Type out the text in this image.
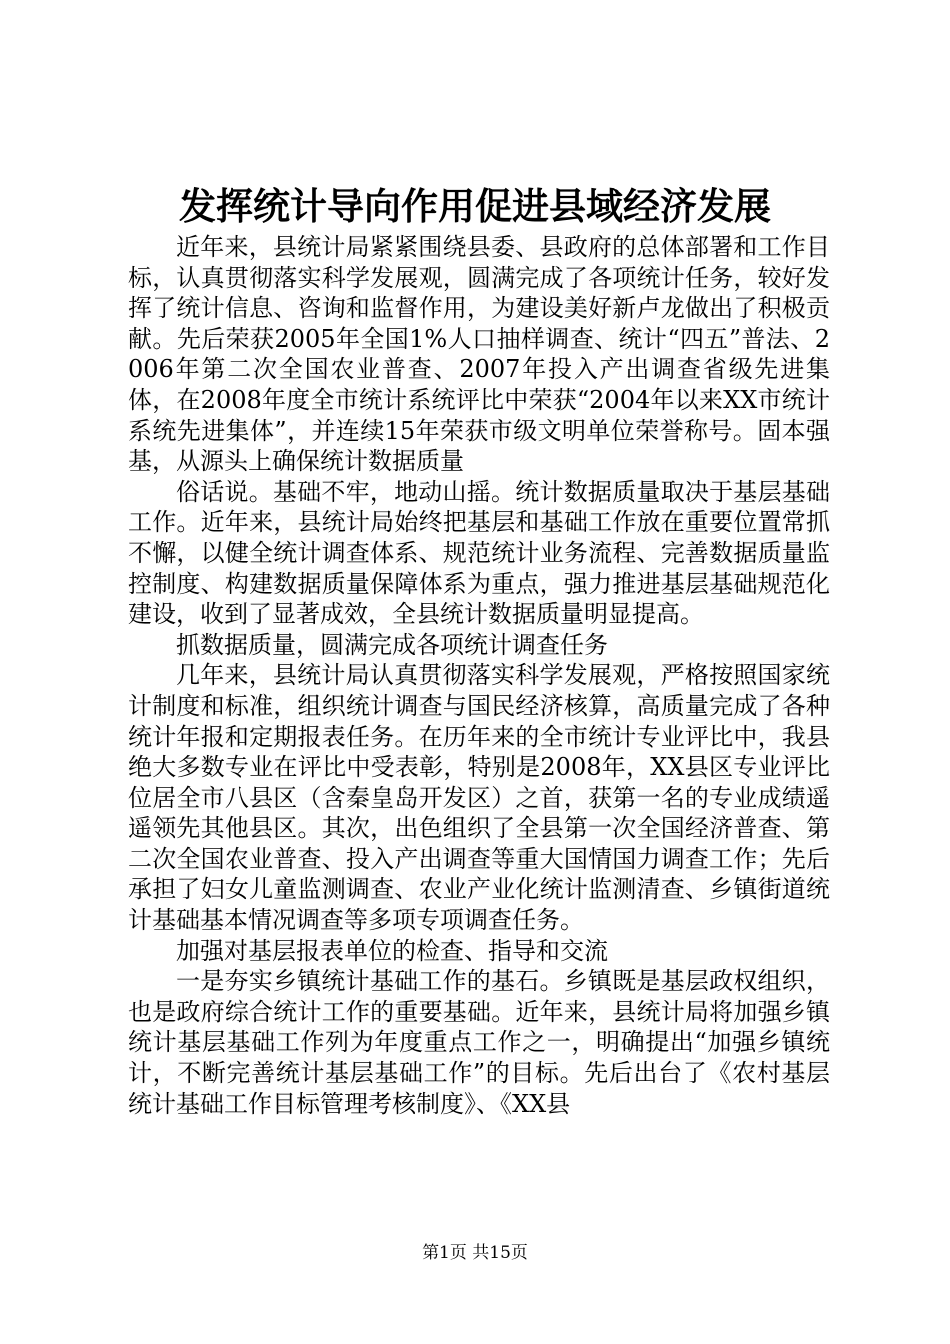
发挥统计导向作用促进县域经济发展

近年来，县统计局紧紧围绕县委、县政府的总体部署和工作目标，认真贯彻落实科学发展观，圆满完成了各项统计任务，较好发挥了统计信息、咨询和监督作用，为建设美好新卢龙做出了积极贡献。先后荣获2005年全国1%人口抽样调查、统计“四五”普法、2006年第二次全国农业普查、2007年投入产出调查省级先进集体，在2008年度全市统计系统评比中荣获“2004年以来XX市统计系统先进集体”，并连续15年荣获市级文明单位荣誉称号。固本强基，从源头上确保统计数据质量

俗话说。基础不牢，地动山摇。统计数据质量取决于基层基础工作。近年来，县统计局始终把基层和基础工作放在重要位置常抓不懈，以健全统计调查体系、规范统计业务流程、完善数据质量监控制度、构建数据质量保障体系为重点，强力推进基层基础规范化建设，收到了显著成效，全县统计数据质量明显提高。

抓数据质量，圆满完成各项统计调查任务

几年来，县统计局认真贯彻落实科学发展观，严格按照国家统计制度和标准，组织统计调查与国民经济核算，高质量完成了各种统计年报和定期报表任务。在历年来的全市统计专业评比中，我县绝大多数专业在评比中受表彰，特别是2008年，XX县区专业评比位居全市八县区（含秦皇岛开发区）之首，获第一名的专业成绩遥遥领先其他县区。其次，出色组织了全县第一次全国经济普查、第二次全国农业普查、投入产出调查等重大国情国力调查工作；先后承担了妇女儿童监测调查、农业产业化统计监测清查、乡镇街道统计基础基本情况调查等多项专项调查任务。

加强对基层报表单位的检查、指导和交流

一是夯实乡镇统计基础工作的基石。乡镇既是基层政权组织，也是政府综合统计工作的重要基础。近年来，县统计局将加强乡镇统计基层基础工作列为年度重点工作之一，明确提出“加强乡镇统计，不断完善统计基层基础工作”的目标。先后出台了《农村基层统计基础工作目标管理考核制度》、《XX县

第1页 共15页
